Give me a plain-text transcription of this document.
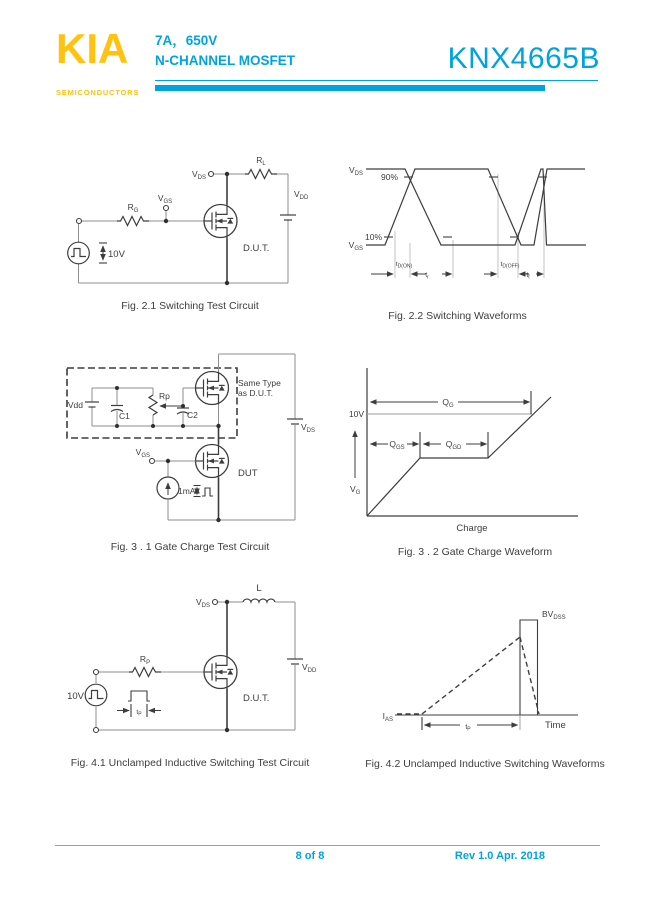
KIA
SEMICONDUCTORS
7A，650V
N-CHANNEL MOSFET	KNX4665B
$V_{DS}$
$R_L$
$V_{DD}$
$V_{GS}$
$R_G$
10V
D.U.T.
Fig. 2.1 Switching Test Circuit
$V_{DS}$
$V_{GS}$
90%
10%
$t_{D(ON)}$
$t_r$
$t_{D(OFF)}$
$t_f$
Fig. 2.2 Switching Waveforms
Vdd
C1
Rp
C2
Same Type
as D.U.T.
$V_{GS}$
DUT
1mA
$V_{DS}$
Fig. 3 . 1 Gate Charge Test Circuit
10V
$Q_G$
$Q_{GS}$	$Q_{GD}$
$V_G$
Charge
Fig. 3 . 2 Gate Charge Waveform
$t_P$
$V_{DS}$
L
$V_{DD}$
$R_P$
10V	D.U.T.
Fig. 4.1 Unclamped Inductive Switching Test Circuit
$I_{AS}$
$BV_{DSS}$
$t_P$	Time
Fig. 4.2 Unclamped Inductive Switching Waveforms
8 of 8	Rev 1.0 Apr. 2018
